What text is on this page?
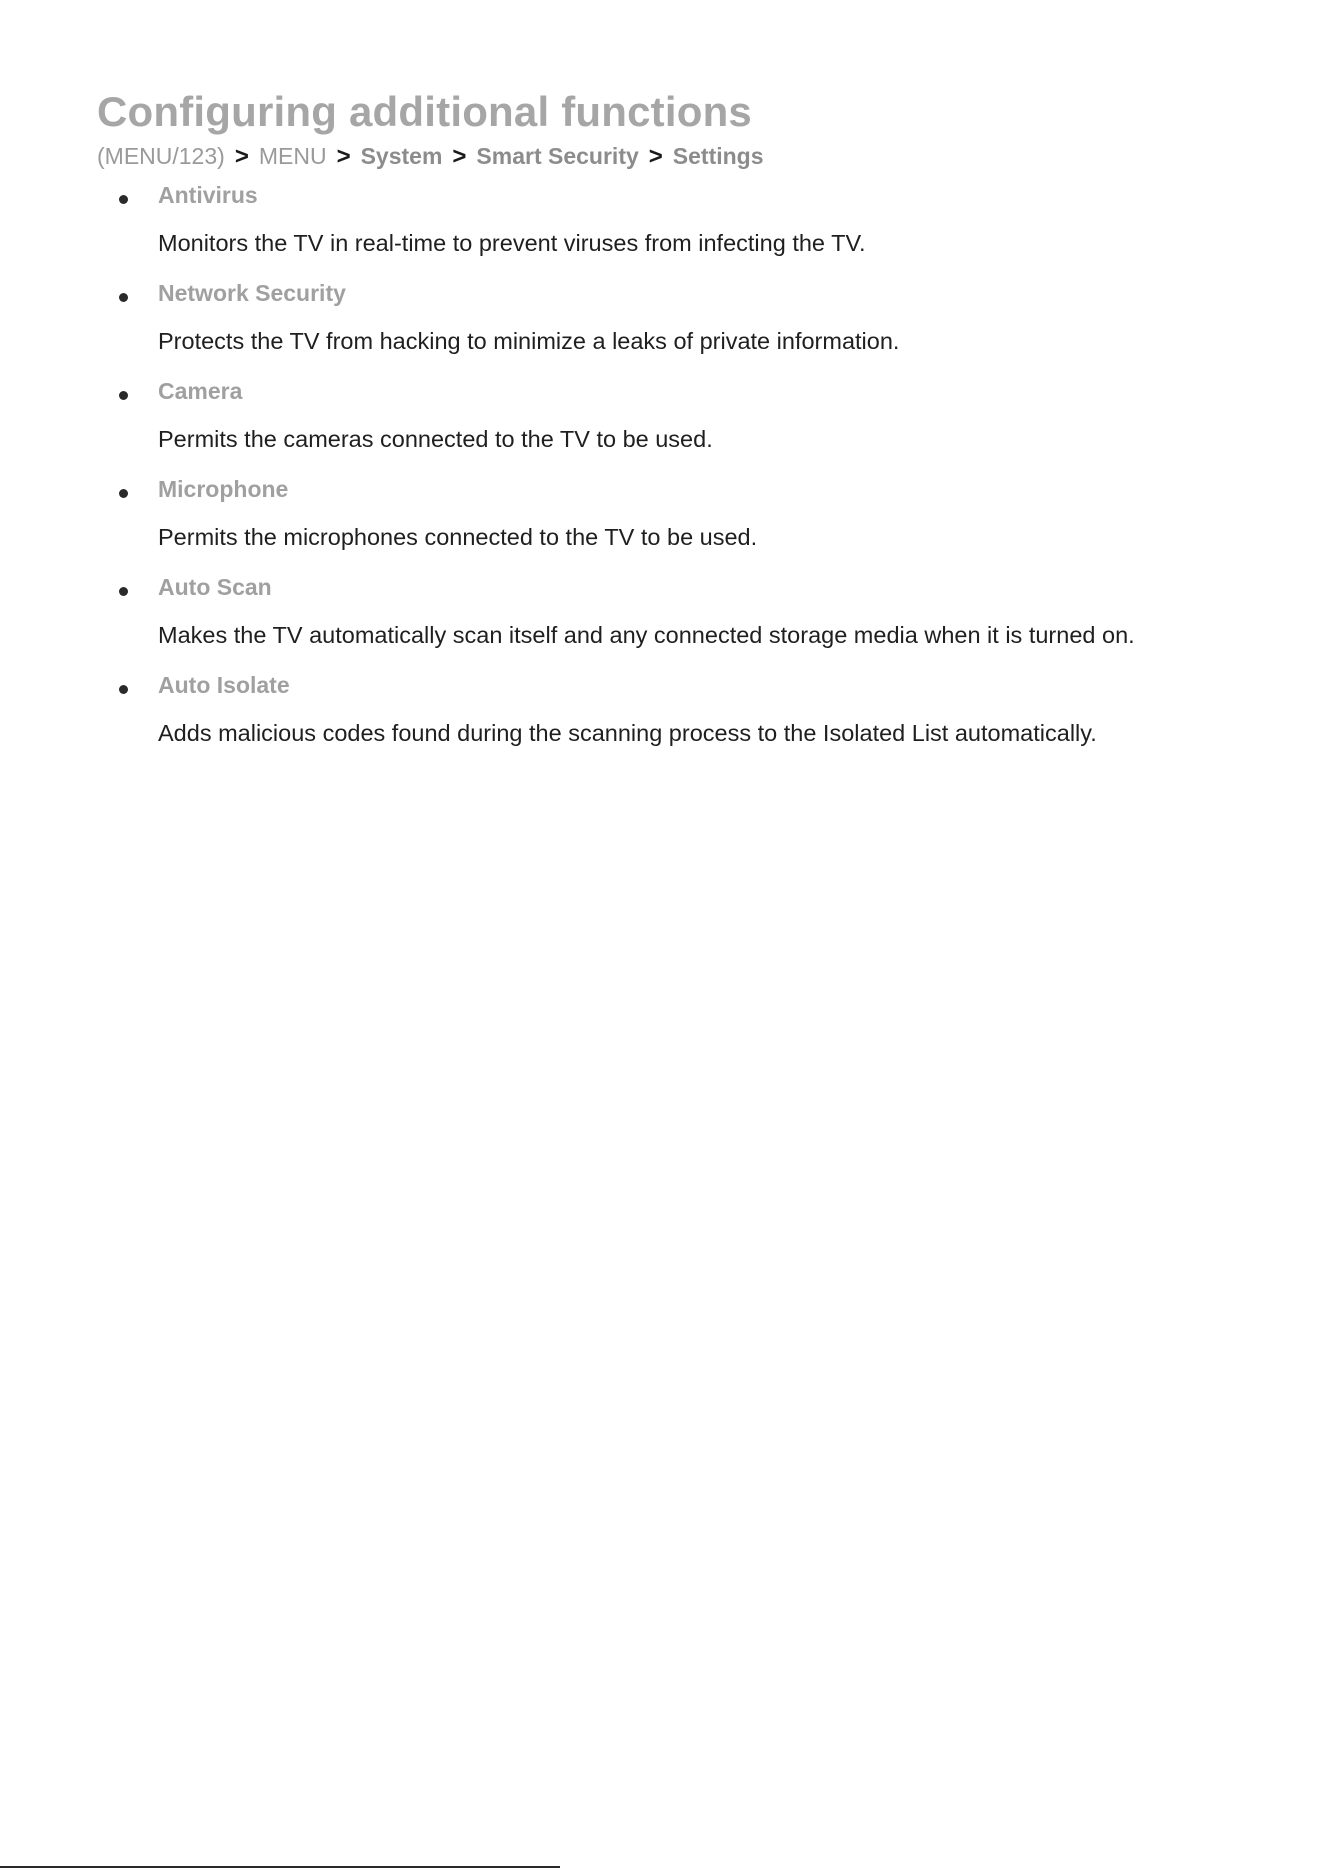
Configuring additional functions
(MENU/123) > MENU > System > Smart Security > Settings
Antivirus
Monitors the TV in real-time to prevent viruses from infecting the TV.
Network Security
Protects the TV from hacking to minimize a leaks of private information.
Camera
Permits the cameras connected to the TV to be used.
Microphone
Permits the microphones connected to the TV to be used.
Auto Scan
Makes the TV automatically scan itself and any connected storage media when it is turned on.
Auto Isolate
Adds malicious codes found during the scanning process to the Isolated List automatically.
